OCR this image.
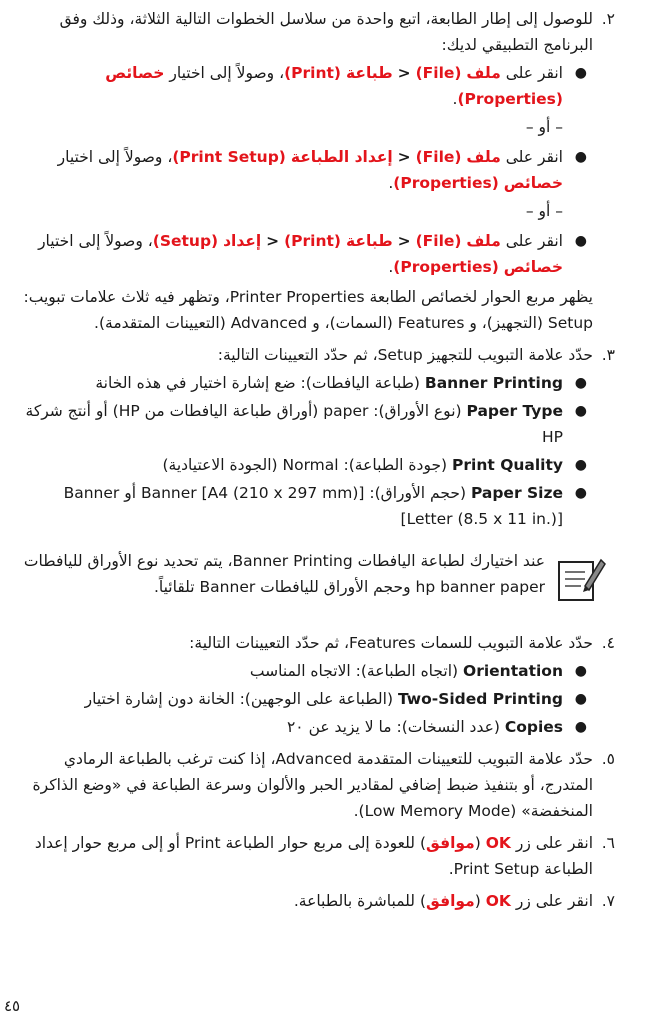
٢.

للوصول إلى إطار الطابعة، اتبع واحدة من سلاسل الخطوات التالية الثلاثة، وذلك وفق البرنامج التطبيقي لديك:

●
انقر على ملف (File) > طباعة (Print)، وصولاً إلى اختيار خصائص (Properties).
– أو –
●
انقر على ملف (File) > إعداد الطباعة (Print Setup)، وصولاً إلى اختيار خصائص (Properties).
– أو –
●
انقر على ملف (File) > طباعة (Print) > إعداد (Setup)، وصولاً إلى اختيار خصائص (Properties).

يظهر مربع الحوار لخصائص الطابعة Printer Properties، وتظهر فيه ثلاث علامات تبويب: Setup (التجهيز)، و Features (السمات)، و Advanced (التعيينات المتقدمة).

٣.

حدّد علامة التبويب للتجهيز Setup، ثم حدّد التعيينات التالية:

●
Banner Printing (طباعة اليافطات): ضع إشارة اختيار في هذه الخانة
●
Paper Type (نوع الأوراق): paper (أوراق طباعة اليافطات من HP) أو أنتج شركة HP
●
Print Quality (جودة الطباعة): Normal (الجودة الاعتيادية)
●
Paper Size (حجم الأوراق): Banner [A4 (210 x 297 mm)] أو Banner [Letter (8.5 x 11 in.)]

عند اختيارك لطباعة اليافطات Banner Printing، يتم تحديد نوع الأوراق لليافطات hp banner paper وحجم الأوراق لليافطات Banner تلقائياً.

٤.

حدّد علامة التبويب للسمات Features، ثم حدّد التعيينات التالية:

●
Orientation (اتجاه الطباعة): الاتجاه المناسب
●
Two-Sided Printing (الطباعة على الوجهين): الخانة دون إشارة اختيار
●
Copies (عدد النسخات): ما لا يزيد عن ٢٠
٥.

حدّد علامة التبويب للتعيينات المتقدمة Advanced، إذا كنت ترغب بالطباعة الرمادي المتدرج، أو بتنفيذ ضبط إضافي لمقادير الحبر والألوان وسرعة الطباعة في «وضع الذاكرة المنخفضة» (Low Memory Mode).

٦.

انقر على زر OK (موافق) للعودة إلى مربع حوار الطباعة Print أو إلى مربع حوار إعداد الطباعة Print Setup.

٧.

انقر على زر OK (موافق) للمباشرة بالطباعة.

٤٥
